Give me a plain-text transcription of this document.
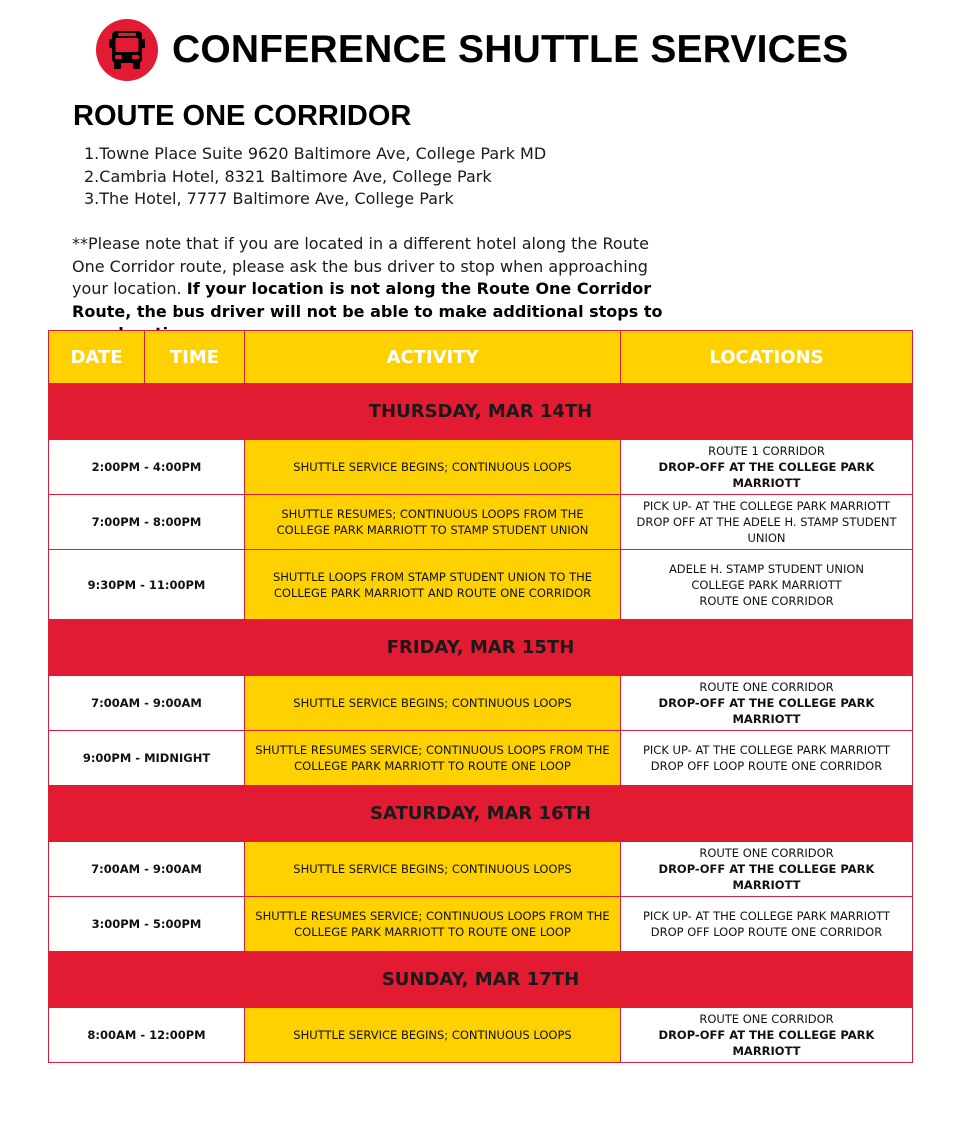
CONFERENCE SHUTTLE SERVICES
ROUTE ONE CORRIDOR
1.Towne Place Suite 9620 Baltimore Ave, College Park MD
2.Cambria Hotel, 8321 Baltimore Ave, College Park
3.The Hotel, 7777 Baltimore Ave, College Park
**Please note that if you are located in a different hotel along the Route One Corridor route, please ask the bus driver to stop when approaching your location. If your location is not along the Route One Corridor Route, the bus driver will not be able to make additional stops to
DATE	TIME	ACTIVITY	LOCATIONS
THURSDAY, MAR 14TH			
2:00PM - 4:00PM		SHUTTLE SERVICE BEGINS; CONTINUOUS LOOPS	ROUTE 1 CORRIDOR
DROP-OFF AT THE COLLEGE PARK MARRIOTT

7:00PM - 8:00PM		SHUTTLE RESUMES; CONTINUOUS LOOPS FROM THE COLLEGE PARK MARRIOTT TO STAMP STUDENT UNION	PICK UP- AT THE COLLEGE PARK MARRIOTT
DROP OFF AT THE ADELE H. STAMP STUDENT UNION

9:30PM - 11:00PM		SHUTTLE LOOPS FROM STAMP STUDENT UNION TO THE COLLEGE PARK MARRIOTT AND ROUTE ONE CORRIDOR	ADELE H. STAMP STUDENT UNION
COLLEGE PARK MARRIOTT
ROUTE ONE CORRIDOR

FRIDAY, MAR 15TH			
7:00AM - 9:00AM		SHUTTLE SERVICE BEGINS; CONTINUOUS LOOPS	ROUTE ONE CORRIDOR
DROP-OFF AT THE COLLEGE PARK MARRIOTT

9:00PM - MIDNIGHT		SHUTTLE RESUMES SERVICE; CONTINUOUS LOOPS FROM THE COLLEGE PARK MARRIOTT TO ROUTE ONE LOOP	PICK UP- AT THE COLLEGE PARK MARRIOTT
DROP OFF LOOP ROUTE ONE CORRIDOR

SATURDAY, MAR 16TH			
7:00AM - 9:00AM		SHUTTLE SERVICE BEGINS; CONTINUOUS LOOPS	ROUTE ONE CORRIDOR
DROP-OFF AT THE COLLEGE PARK MARRIOTT

3:00PM - 5:00PM		SHUTTLE RESUMES SERVICE; CONTINUOUS LOOPS FROM THE COLLEGE PARK MARRIOTT TO ROUTE ONE LOOP	PICK UP- AT THE COLLEGE PARK MARRIOTT
DROP OFF LOOP ROUTE ONE CORRIDOR

SUNDAY, MAR 17TH			
8:00AM - 12:00PM		SHUTTLE SERVICE BEGINS; CONTINUOUS LOOPS	ROUTE ONE CORRIDOR
DROP-OFF AT THE COLLEGE PARK MARRIOTT
